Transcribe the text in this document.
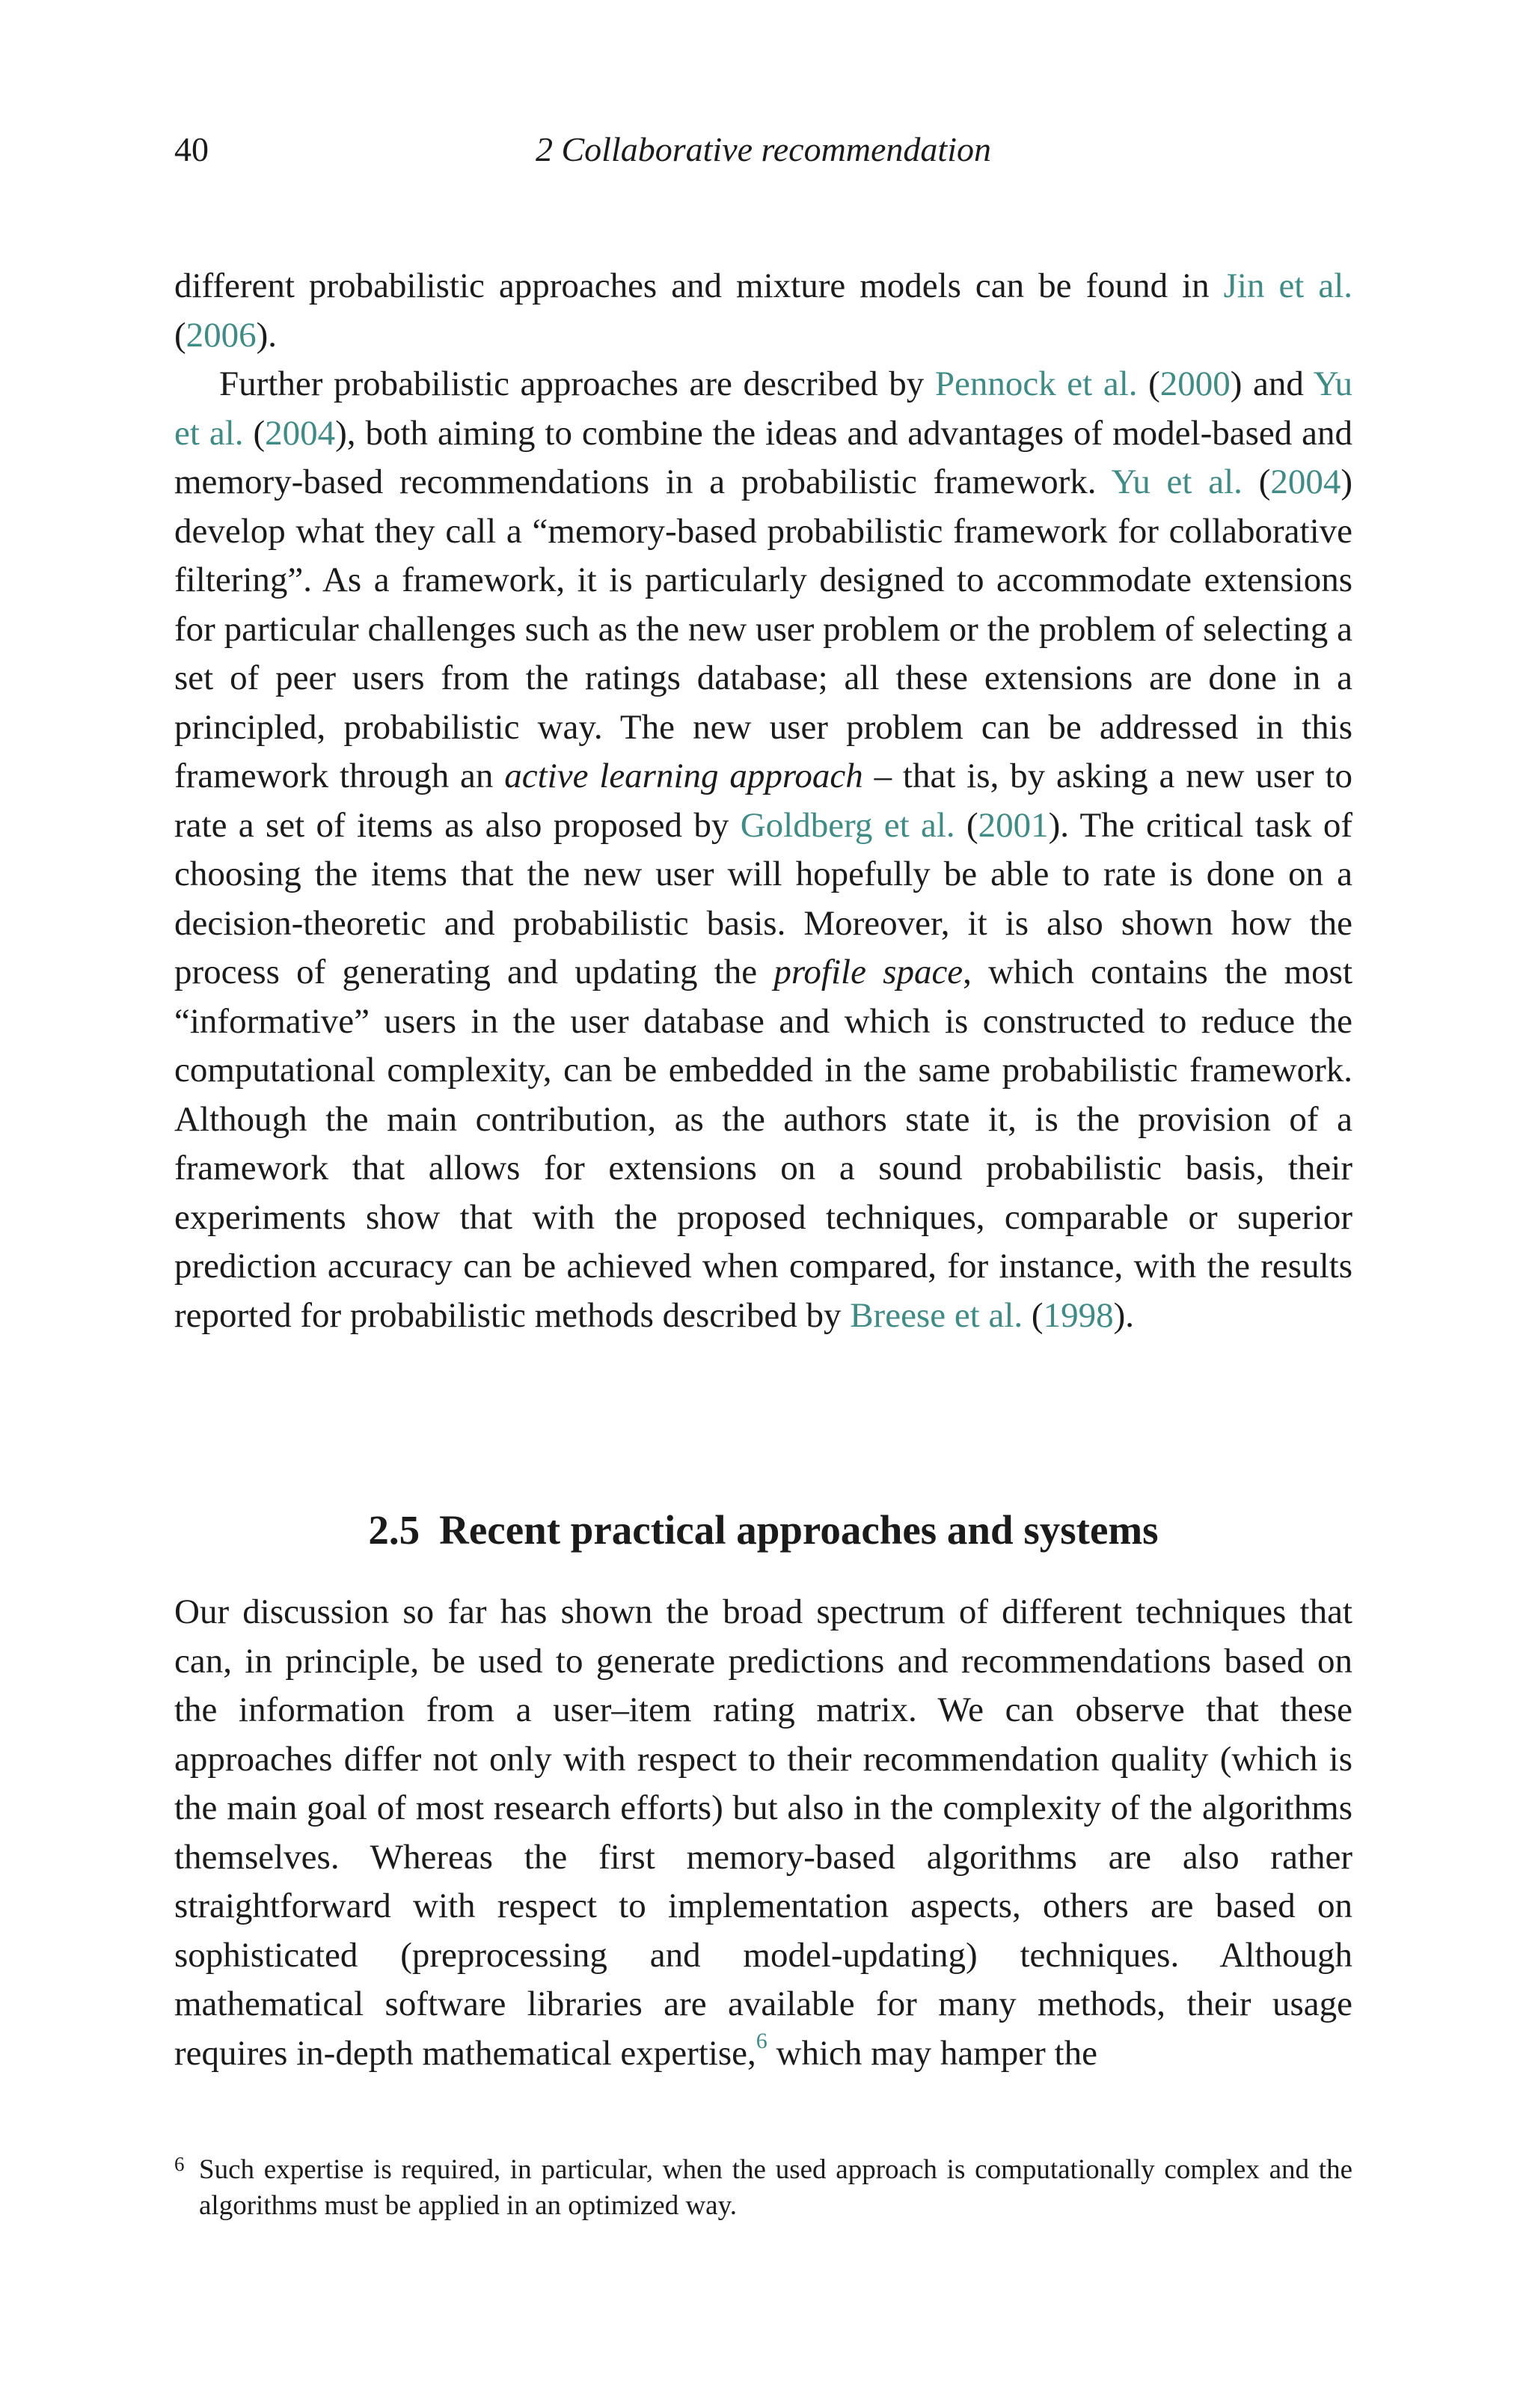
40	2 Collaborative recommendation

different probabilistic approaches and mixture models can be found in Jin et al. (2006).

Further probabilistic approaches are described by Pennock et al. (2000) and Yu et al. (2004), both aiming to combine the ideas and advantages of model-based and memory-based recommendations in a probabilistic framework. Yu et al. (2004) develop what they call a “memory-based probabilistic framework for collaborative filtering”. As a framework, it is particularly designed to accommodate extensions for particular challenges such as the new user problem or the problem of selecting a set of peer users from the ratings database; all these extensions are done in a principled, probabilistic way. The new user problem can be addressed in this framework through an active learning approach – that is, by asking a new user to rate a set of items as also proposed by Goldberg et al. (2001). The critical task of choosing the items that the new user will hopefully be able to rate is done on a decision-theoretic and probabilistic basis. Moreover, it is also shown how the process of generating and updating the profile space, which contains the most “informative” users in the user database and which is constructed to reduce the computational complexity, can be embedded in the same probabilistic framework. Although the main contribution, as the authors state it, is the provision of a framework that allows for extensions on a sound probabilistic basis, their experiments show that with the proposed techniques, comparable or superior prediction accuracy can be achieved when compared, for instance, with the results reported for probabilistic methods described by Breese et al. (1998).

2.5 Recent practical approaches and systems

Our discussion so far has shown the broad spectrum of different techniques that can, in principle, be used to generate predictions and recommendations based on the information from a user–item rating matrix. We can observe that these approaches differ not only with respect to their recommendation quality (which is the main goal of most research efforts) but also in the complexity of the algorithms themselves. Whereas the first memory-based algorithms are also rather straightforward with respect to implementation aspects, others are based on sophisticated (preprocessing and model-updating) techniques. Although mathematical software libraries are available for many methods, their usage requires in-depth mathematical expertise,$^6$ which may hamper the

6 Such expertise is required, in particular, when the used approach is computationally complex and the algorithms must be applied in an optimized way.
